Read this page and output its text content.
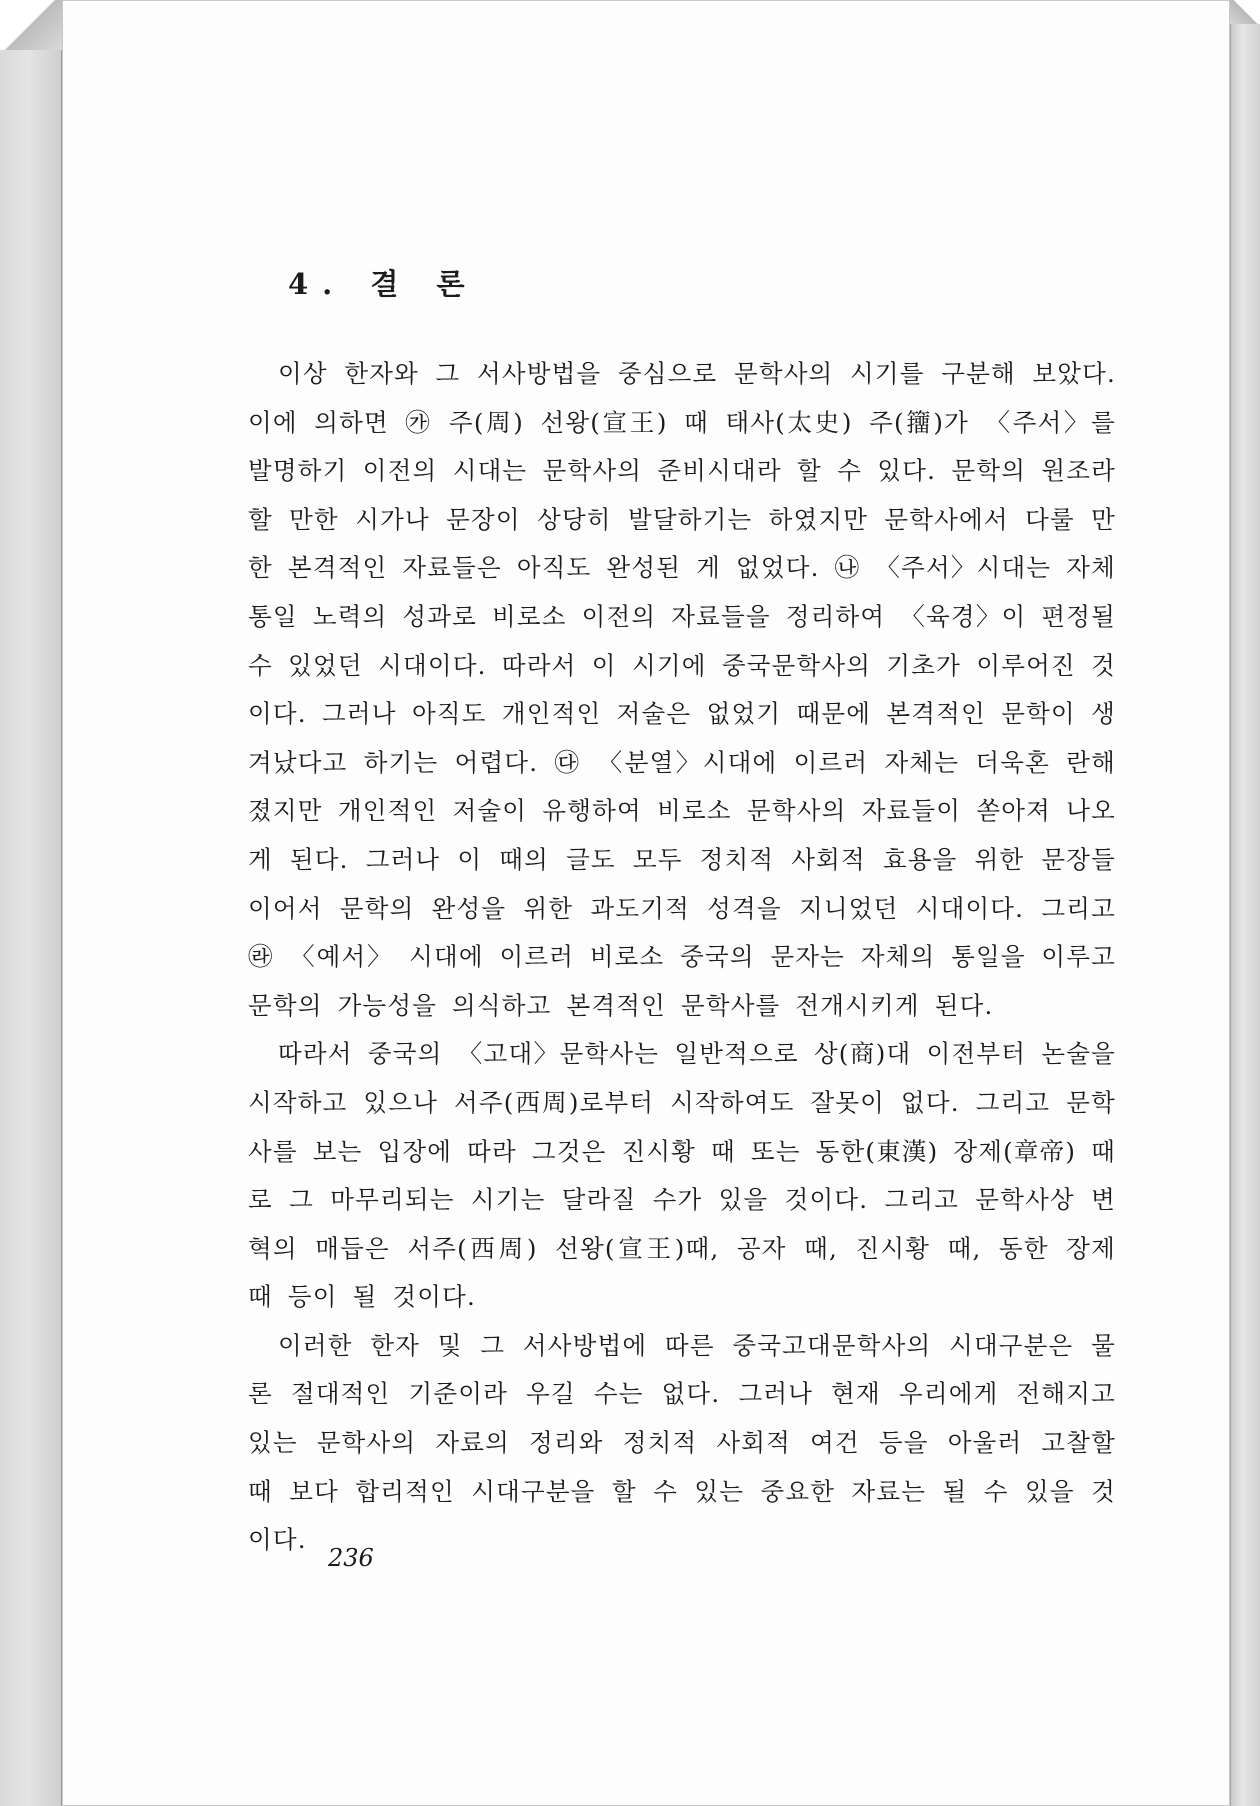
4. 결 론

이상 한자와 그 서사방법을 중심으로 문학사의 시기를 구분해 보았다. 이에 의하면 ㉮ 주(周) 선왕(宣王) 때 태사(太史) 주(籒)가 〈주서〉를 발명하기 이전의 시대는 문학사의 준비시대라 할 수 있다. 문학의 원조라 할 만한 시가나 문장이 상당히 발달하기는 하였지만 문학사에서 다룰 만한 본격적인 자료들은 아직도 완성된 게 없었다. ㉯ 〈주서〉시대는 자체 통일 노력의 성과로 비로소 이전의 자료들을 정리하여 〈육경〉이 편정될 수 있었던 시대이다. 따라서 이 시기에 중국문학사의 기초가 이루어진 것이다. 그러나 아직도 개인적인 저술은 없었기 때문에 본격적인 문학이 생겨났다고 하기는 어렵다. ㉰ 〈분열〉시대에 이르러 자체는 더욱혼 란해졌지만 개인적인 저술이 유행하여 비로소 문학사의 자료들이 쏟아져 나오게 된다. 그러나 이 때의 글도 모두 정치적 사회적 효용을 위한 문장들이어서 문학의 완성을 위한 과도기적 성격을 지니었던 시대이다. 그리고 ㉱ 〈예서〉 시대에 이르러 비로소 중국의 문자는 자체의 통일을 이루고 문학의 가능성을 의식하고 본격적인 문학사를 전개시키게 된다.

따라서 중국의 〈고대〉문학사는 일반적으로 상(商)대 이전부터 논술을 시작하고 있으나 서주(西周)로부터 시작하여도 잘못이 없다. 그리고 문학사를 보는 입장에 따라 그것은 진시황 때 또는 동한(東漢) 장제(章帝) 때로 그 마무리되는 시기는 달라질 수가 있을 것이다. 그리고 문학사상 변혁의 매듭은 서주(西周) 선왕(宣王)때, 공자 때, 진시황 때, 동한 장제 때 등이 될 것이다.

이러한 한자 및 그 서사방법에 따른 중국고대문학사의 시대구분은 물론 절대적인 기준이라 우길 수는 없다. 그러나 현재 우리에게 전해지고 있는 문학사의 자료의 정리와 정치적 사회적 여건 등을 아울러 고찰할 때 보다 합리적인 시대구분을 할 수 있는 중요한 자료는 될 수 있을 것이다.

236
